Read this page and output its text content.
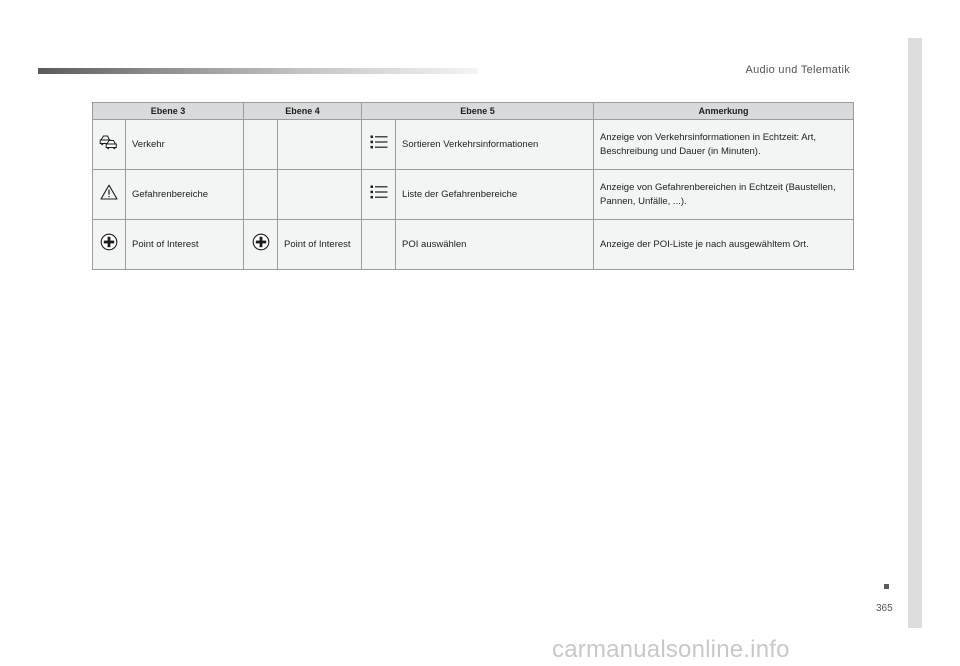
Audio und Telematik
Ebene 3		Ebene 4		Ebene 5		Anmerkung
	Verkehr				Sortieren Verkehrsinformationen	Anzeige von Verkehrsinformationen in Echtzeit: Art, Beschreibung und Dauer (in Minuten).
	Gefahrenbereiche				Liste der Gefahrenbereiche	Anzeige von Gefahrenbereichen in Echtzeit (Baustellen, Pannen, Unfälle, ...).
	Point of Interest		Point of Interest		POI auswählen	Anzeige der POI-Liste je nach ausgewähltem Ort.
365
carmanualsonline.info
